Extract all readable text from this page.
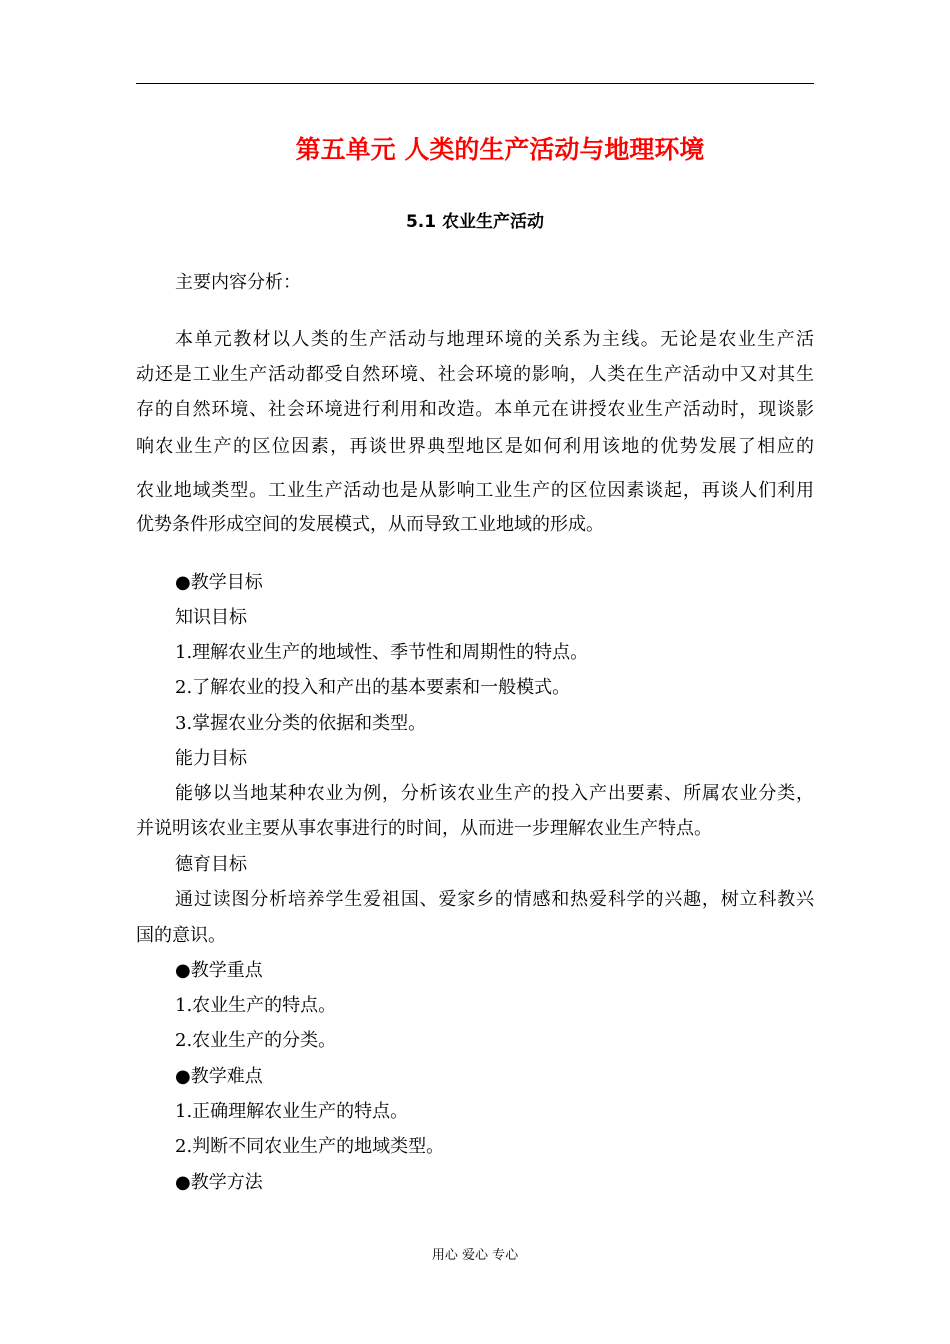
第五单元 人类的生产活动与地理环境
5.1 农业生产活动
主要内容分析：
本单元教材以人类的生产活动与地理环境的关系为主线。无论是农业生产活
动还是工业生产活动都受自然环境、社会环境的影响，人类在生产活动中又对其生
存的自然环境、社会环境进行利用和改造。本单元在讲授农业生产活动时，现谈影
响农业生产的区位因素，再谈世界典型地区是如何利用该地的优势发展了相应的
农业地域类型。工业生产活动也是从影响工业生产的区位因素谈起，再谈人们利用
优势条件形成空间的发展模式，从而导致工业地域的形成。
●教学目标
知识目标
1.理解农业生产的地域性、季节性和周期性的特点。
2.了解农业的投入和产出的基本要素和一般模式。
3.掌握农业分类的依据和类型。
能力目标
能够以当地某种农业为例，分析该农业生产的投入产出要素、所属农业分类，
并说明该农业主要从事农事进行的时间，从而进一步理解农业生产特点。
德育目标
通过读图分析培养学生爱祖国、爱家乡的情感和热爱科学的兴趣，树立科教兴
国的意识。
●教学重点
1.农业生产的特点。
2.农业生产的分类。
●教学难点
1.正确理解农业生产的特点。
2.判断不同农业生产的地域类型。
●教学方法
用心 爱心 专心
